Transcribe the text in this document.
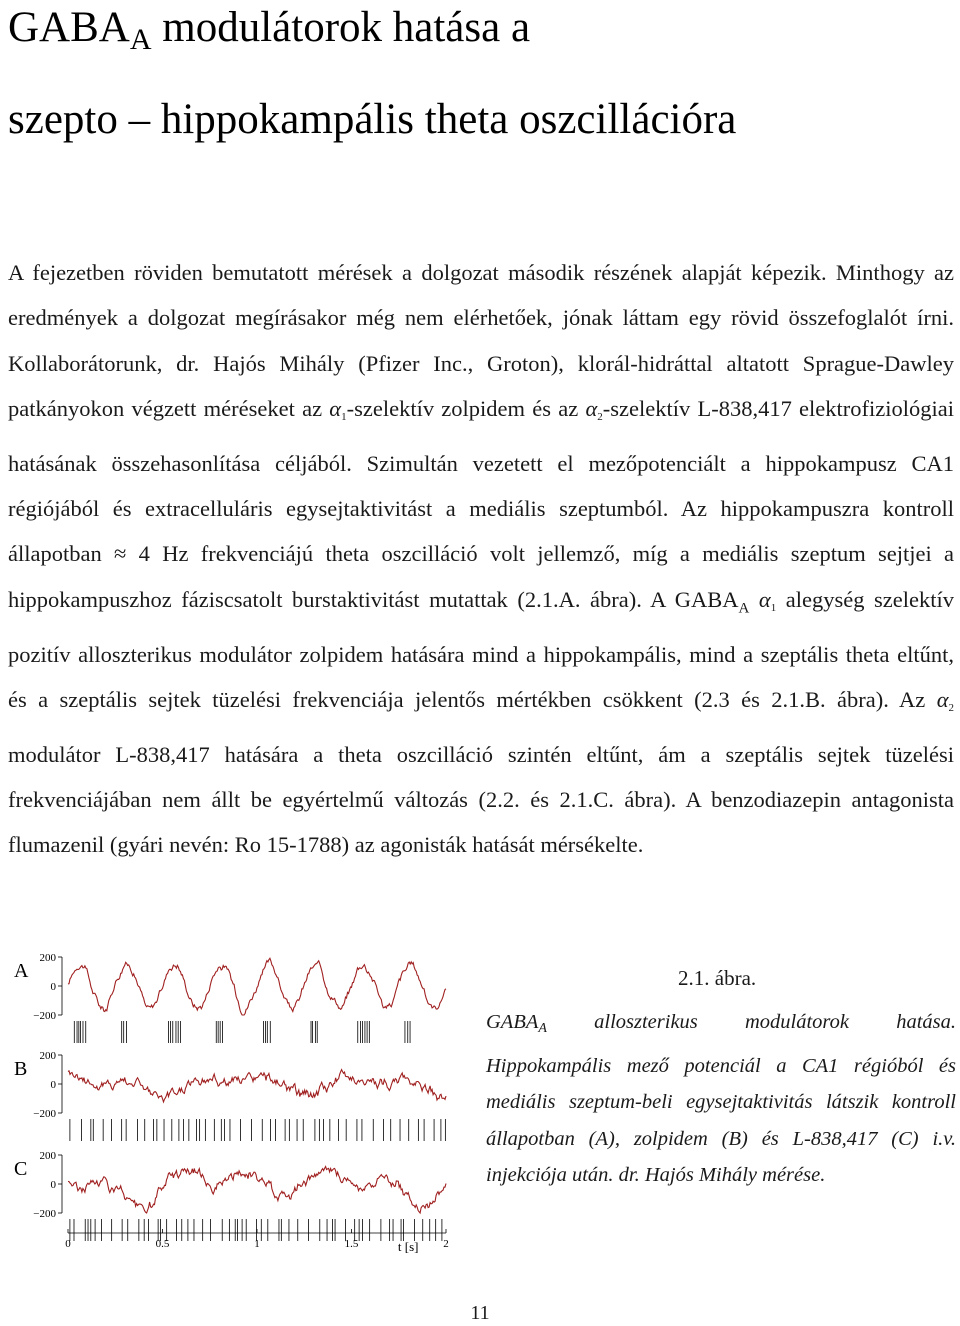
$GABA_A$ modulátorok hatása a
szepto – hippokampális theta oszcillációra

A fejezetben röviden bemutatott mérések a dolgozat második részének alapját képezik. Minthogy az eredmények a dolgozat megírásakor még nem elérhetőek, jónak láttam egy rövid összefoglalót írni. Kollaborátorunk, dr. Hajós Mihály (Pfizer Inc., Groton), klorál-hidráttal altatott Sprague-Dawley patkányokon végzett méréseket az α1-szelektív zolpidem és az α2-szelektív L-838,417 elektrofiziológiai hatásának összehasonlítása céljából. Szimultán vezetett el mezőpotenciált a hippokampusz CA1 régiójából és extracelluláris egysejtaktivitást a mediális szeptumból. Az hippokampuszra kontroll állapotban ≈ 4 Hz frekvenciájú theta oszcilláció volt jellemző, míg a mediális szeptum sejtjei a hippokampuszhoz fáziscsatolt burstaktivitást mutattak (2.1.A. ábra). A $GABA_A$ α1 alegység szelektív pozitív alloszterikus modulátor zolpidem hatására mind a hippokampális, mind a szeptális theta eltűnt, és a szeptális sejtek tüzelési frekvenciája jelentős mértékben csökkent (2.3 és 2.1.B. ábra). Az α2 modulátor L-838,417 hatására a theta oszcilláció szintén eltűnt, ám a szeptális sejtek tüzelési frekvenciájában nem állt be egyértelmű változás (2.2. és 2.1.C. ábra). A benzodiazepin antagonista flumazenil (gyári nevén: Ro 15-1788) az agonisták hatását mérsékelte.

A
200
0
−200
B
200
0
−200
C
200
0
−200
0	0.5	1	1.5	2
t [s]
2.1. ábra.

$GABA_A$ alloszterikus modulátorok hatása. Hippokampális mező potenciál a CA1 régióból és mediális szeptum-beli egysejtaktivitás látszik kontroll állapotban (A), zolpidem (B) és L-838,417 (C) i.v. injekciója után. dr. Hajós Mihály mérése.

11
